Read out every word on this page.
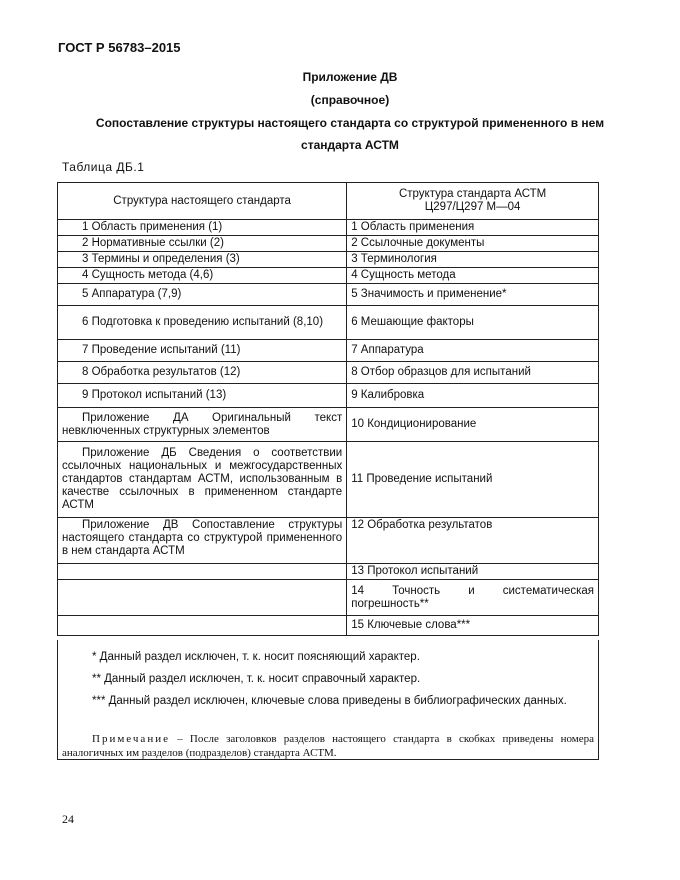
ГОСТ Р 56783–2015
Приложение ДВ
(справочное)
Сопоставление структуры настоящего стандарта со структурой примененного в нем
стандарта АСТМ
Таблица ДБ.1
Структура настоящего стандарта	Структура стандарта АСТМ
Ц297/Ц297 М—04

1 Область применения (1)	1 Область применения
2 Нормативные ссылки (2)	2 Ссылочные документы
3 Термины и определения (3)	3 Терминология
4 Сущность метода (4,6)	4 Сущность метода
5 Аппаратура (7,9)	5 Значимость и применение*
6 Подготовка к проведению испытаний (8,10)	6 Мешающие факторы
7 Проведение испытаний (11)	7 Аппаратура
8 Обработка результатов (12)	8 Отбор образцов для испытаний
9 Протокол испытаний (13)	9 Калибровка
Приложение ДА Оригинальный текст невключенных структурных элементов	10 Кондиционирование
Приложение ДБ Сведения о соответствии ссылочных национальных и межгосударственных стандартов стандартам АСТМ, использованным в качестве ссылочных в примененном стандарте АСТМ	11 Проведение испытаний
Приложение ДВ Сопоставление структуры настоящего стандарта со структурой примененного в нем стандарта АСТМ	12 Обработка результатов
	13 Протокол испытаний
	14 Точность и систематическая погрешность**
	15 Ключевые слова***

* Данный раздел исключен, т. к. носит поясняющий характер.

** Данный раздел исключен, т. к. носит справочный характер.

*** Данный раздел исключен, ключевые слова приведены в библиографических данных.

Примечание – После заголовков разделов настоящего стандарта в скобках приведены номера аналогичных им разделов (подразделов) стандарта АСТМ.

24
